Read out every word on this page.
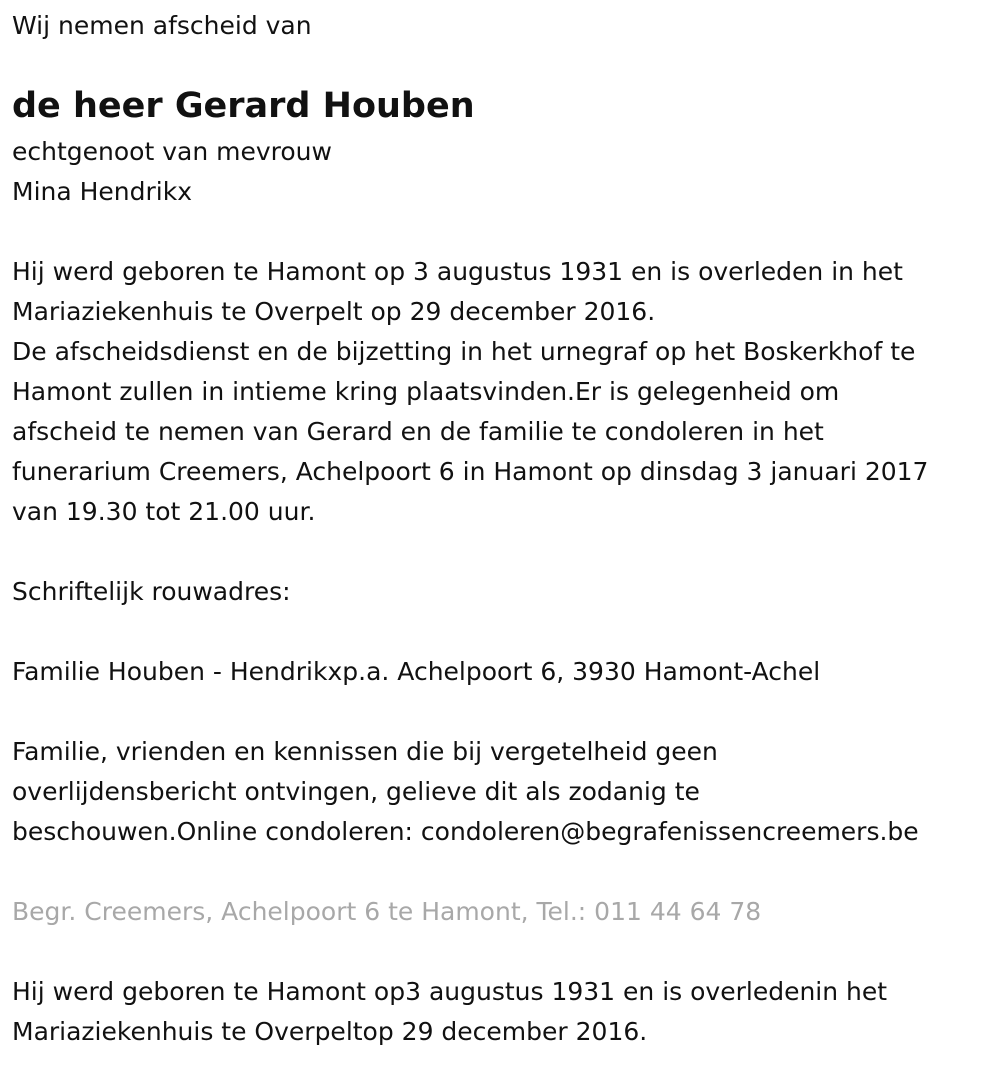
Wij nemen afscheid van

de heer Gerard Houben

echtgenoot van mevrouw

Mina Hendrikx

Hij werd geboren te Hamont op 3 augustus 1931 en is overleden in het

Mariaziekenhuis te Overpelt op 29 december 2016.

De afscheidsdienst en de bijzetting in het urnegraf op het Boskerkhof te

Hamont zullen in intieme kring plaatsvinden.Er is gelegenheid om

afscheid te nemen van Gerard en de familie te condoleren in het

funerarium Creemers, Achelpoort 6 in Hamont op dinsdag 3 januari 2017

van 19.30 tot 21.00 uur.

Schriftelijk rouwadres:

Familie Houben - Hendrikxp.a. Achelpoort 6, 3930 Hamont-Achel

Familie, vrienden en kennissen die bij vergetelheid geen

overlijdensbericht ontvingen, gelieve dit als zodanig te

beschouwen.Online condoleren: condoleren@begrafenissencreemers.be

Begr. Creemers, Achelpoort 6 te Hamont, Tel.: 011 44 64 78

Hij werd geboren te Hamont op3 augustus 1931 en is overledenin het

Mariaziekenhuis te Overpeltop 29 december 2016.
